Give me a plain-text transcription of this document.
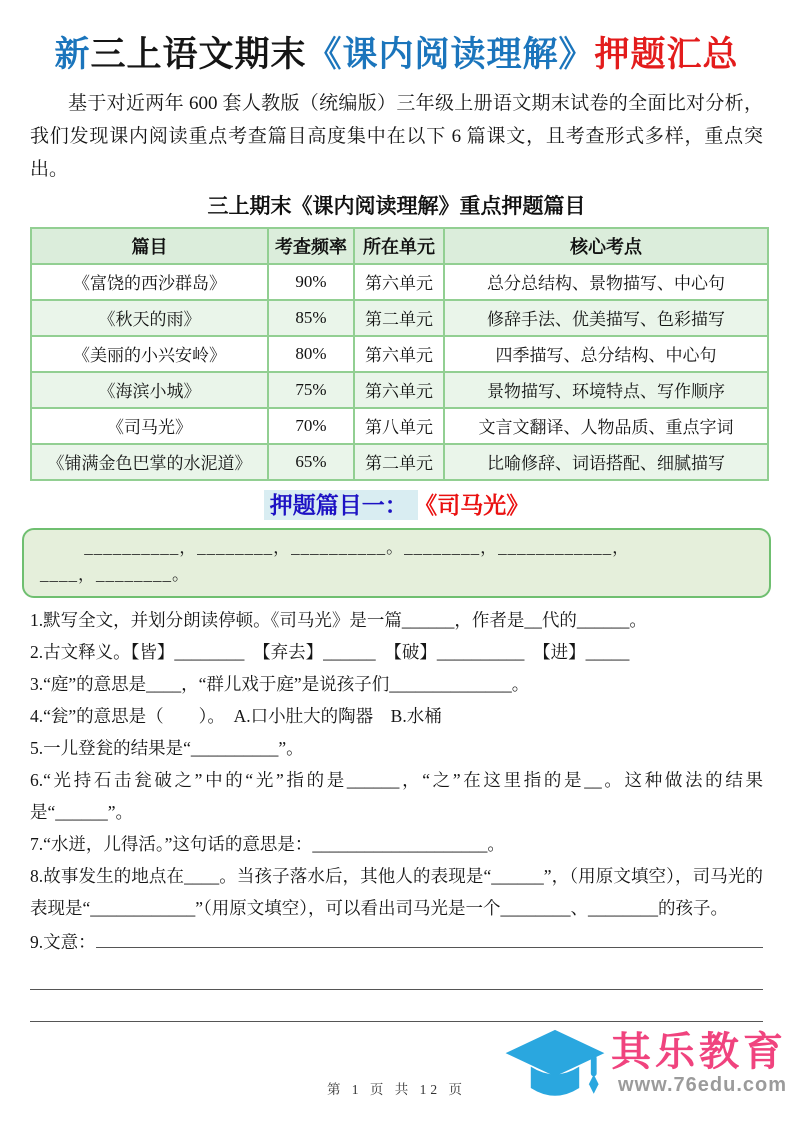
新三上语文期末《课内阅读理解》押题汇总

基于对近两年 600 套人教版（统编版）三年级上册语文期末试卷的全面比对分析，我们发现课内阅读重点考查篇目高度集中在以下 6 篇课文，且考查形式多样，重点突出。

三上期末《课内阅读理解》重点押题篇目
篇目	考查频率	所在单元	核心考点
《富饶的西沙群岛》	90%	第六单元	总分总结构、景物描写、中心句
《秋天的雨》	85%	第二单元	修辞手法、优美描写、色彩描写
《美丽的小兴安岭》	80%	第六单元	四季描写、总分结构、中心句
《海滨小城》	75%	第六单元	景物描写、环境特点、写作顺序
《司马光》	70%	第八单元	文言文翻译、人物品质、重点字词
《铺满金色巴掌的水泥道》	65%	第二单元	比喻修辞、词语搭配、细腻描写
押题篇目一： 《司马光》
__________，________，__________。________，____________，
____，________。
1.默写全文，并划分朗读停顿。《司马光》是一篇______，作者是__代的______。
2.古文释义。【皆】________　【弃去】______　【破】__________　【进】_____
3.“庭”的意思是____，“群儿戏于庭”是说孩子们______________。
4.“瓮”的意思是（　　）。　A.口小肚大的陶器　B.水桶
5.一儿登瓮的结果是“__________”。
6.“光持石击瓮破之”中的“光”指的是______，“之”在这里指的是__。这种做法的结果是“______”。
7.“水迸，儿得活。”这句话的意思是：____________________。
8.故事发生的地点在____。当孩子落水后，其他人的表现是“______”，（用原文填空），司马光的表现是“____________”（用原文填空），可以看出司马光是一个________、________的孩子。
9.文意：
第 1 页 共 12 页
其乐教育
www.76edu.com
